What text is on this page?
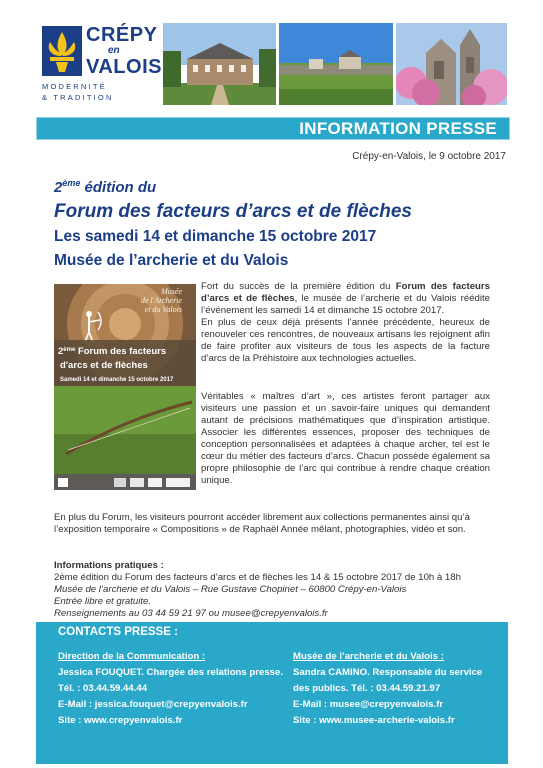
CRÉPY
en
VALOIS
MODERNITÉ
& TRADITION
INFORMATION PRESSE
Crépy-en-Valois, le 9 octobre 2017
2ème édition du
Forum des facteurs d’arcs et de flèches
Les samedi 14 et dimanche 15 octobre 2017
Musée de l’archerie et du Valois
Musée
de l'Archerie
et du Valois
2ème Forum des facteurs
d'arcs et de flèches
Samedi 14 et dimanche 15 octobre 2017
Fort du succès de la première édition du Forum des facteurs d’arcs et de flèches, le musée de l’archerie et du Valois réédite l’événement les samedi 14 et dimanche 15 octobre 2017.
En plus de ceux déjà présents l’année précédente, heureux de renouveler ces rencontres, de nouveaux artisans les rejoignent afin de faire profiter aux visiteurs de tous les aspects de la facture d’arcs de la Préhistoire aux technologies actuelles.
Véritables « maîtres d’art », ces artistes feront partager aux visiteurs une passion et un savoir-faire uniques qui demandent autant de précisions mathématiques que d’inspiration artistique. Associer les différentes essences, proposer des techniques de conception personnalisées et adaptées à chaque archer, tel est le cœur du métier des facteurs d’arcs. Chacun possède également sa propre philosophie de l’arc qui contribue à rendre chaque création unique.
En plus du Forum, les visiteurs pourront accéder librement aux collections permanentes ainsi qu’à l’exposition temporaire « Compositions » de Raphaël Année mêlant, photographies, vidéo et son.
Informations pratiques :
2ème édition du Forum des facteurs d’arcs et de flèches les 14 & 15 octobre 2017 de 10h à 18h
Musée de l’archerie et du Valois – Rue Gustave Chopinet – 60800 Crépy-en-Valois
Entrée libre et gratuite.
Renseignements au 03 44 59 21 97 ou musee@crepyenvalois.fr
CONTACTS PRESSE :
Direction de la Communication :
Jessica FOUQUET. Chargée des relations presse.
Tél. : 03.44.59.44.44
E-Mail : jessica.fouquet@crepyenvalois.fr
Site : www.crepyenvalois.fr
Musée de l’archerie et du Valois :
Sandra CAMINO. Responsable du service des publics. Tél. : 03.44.59.21.97
E-Mail : musee@crepyenvalois.fr
Site : www.musee-archerie-valois.fr
